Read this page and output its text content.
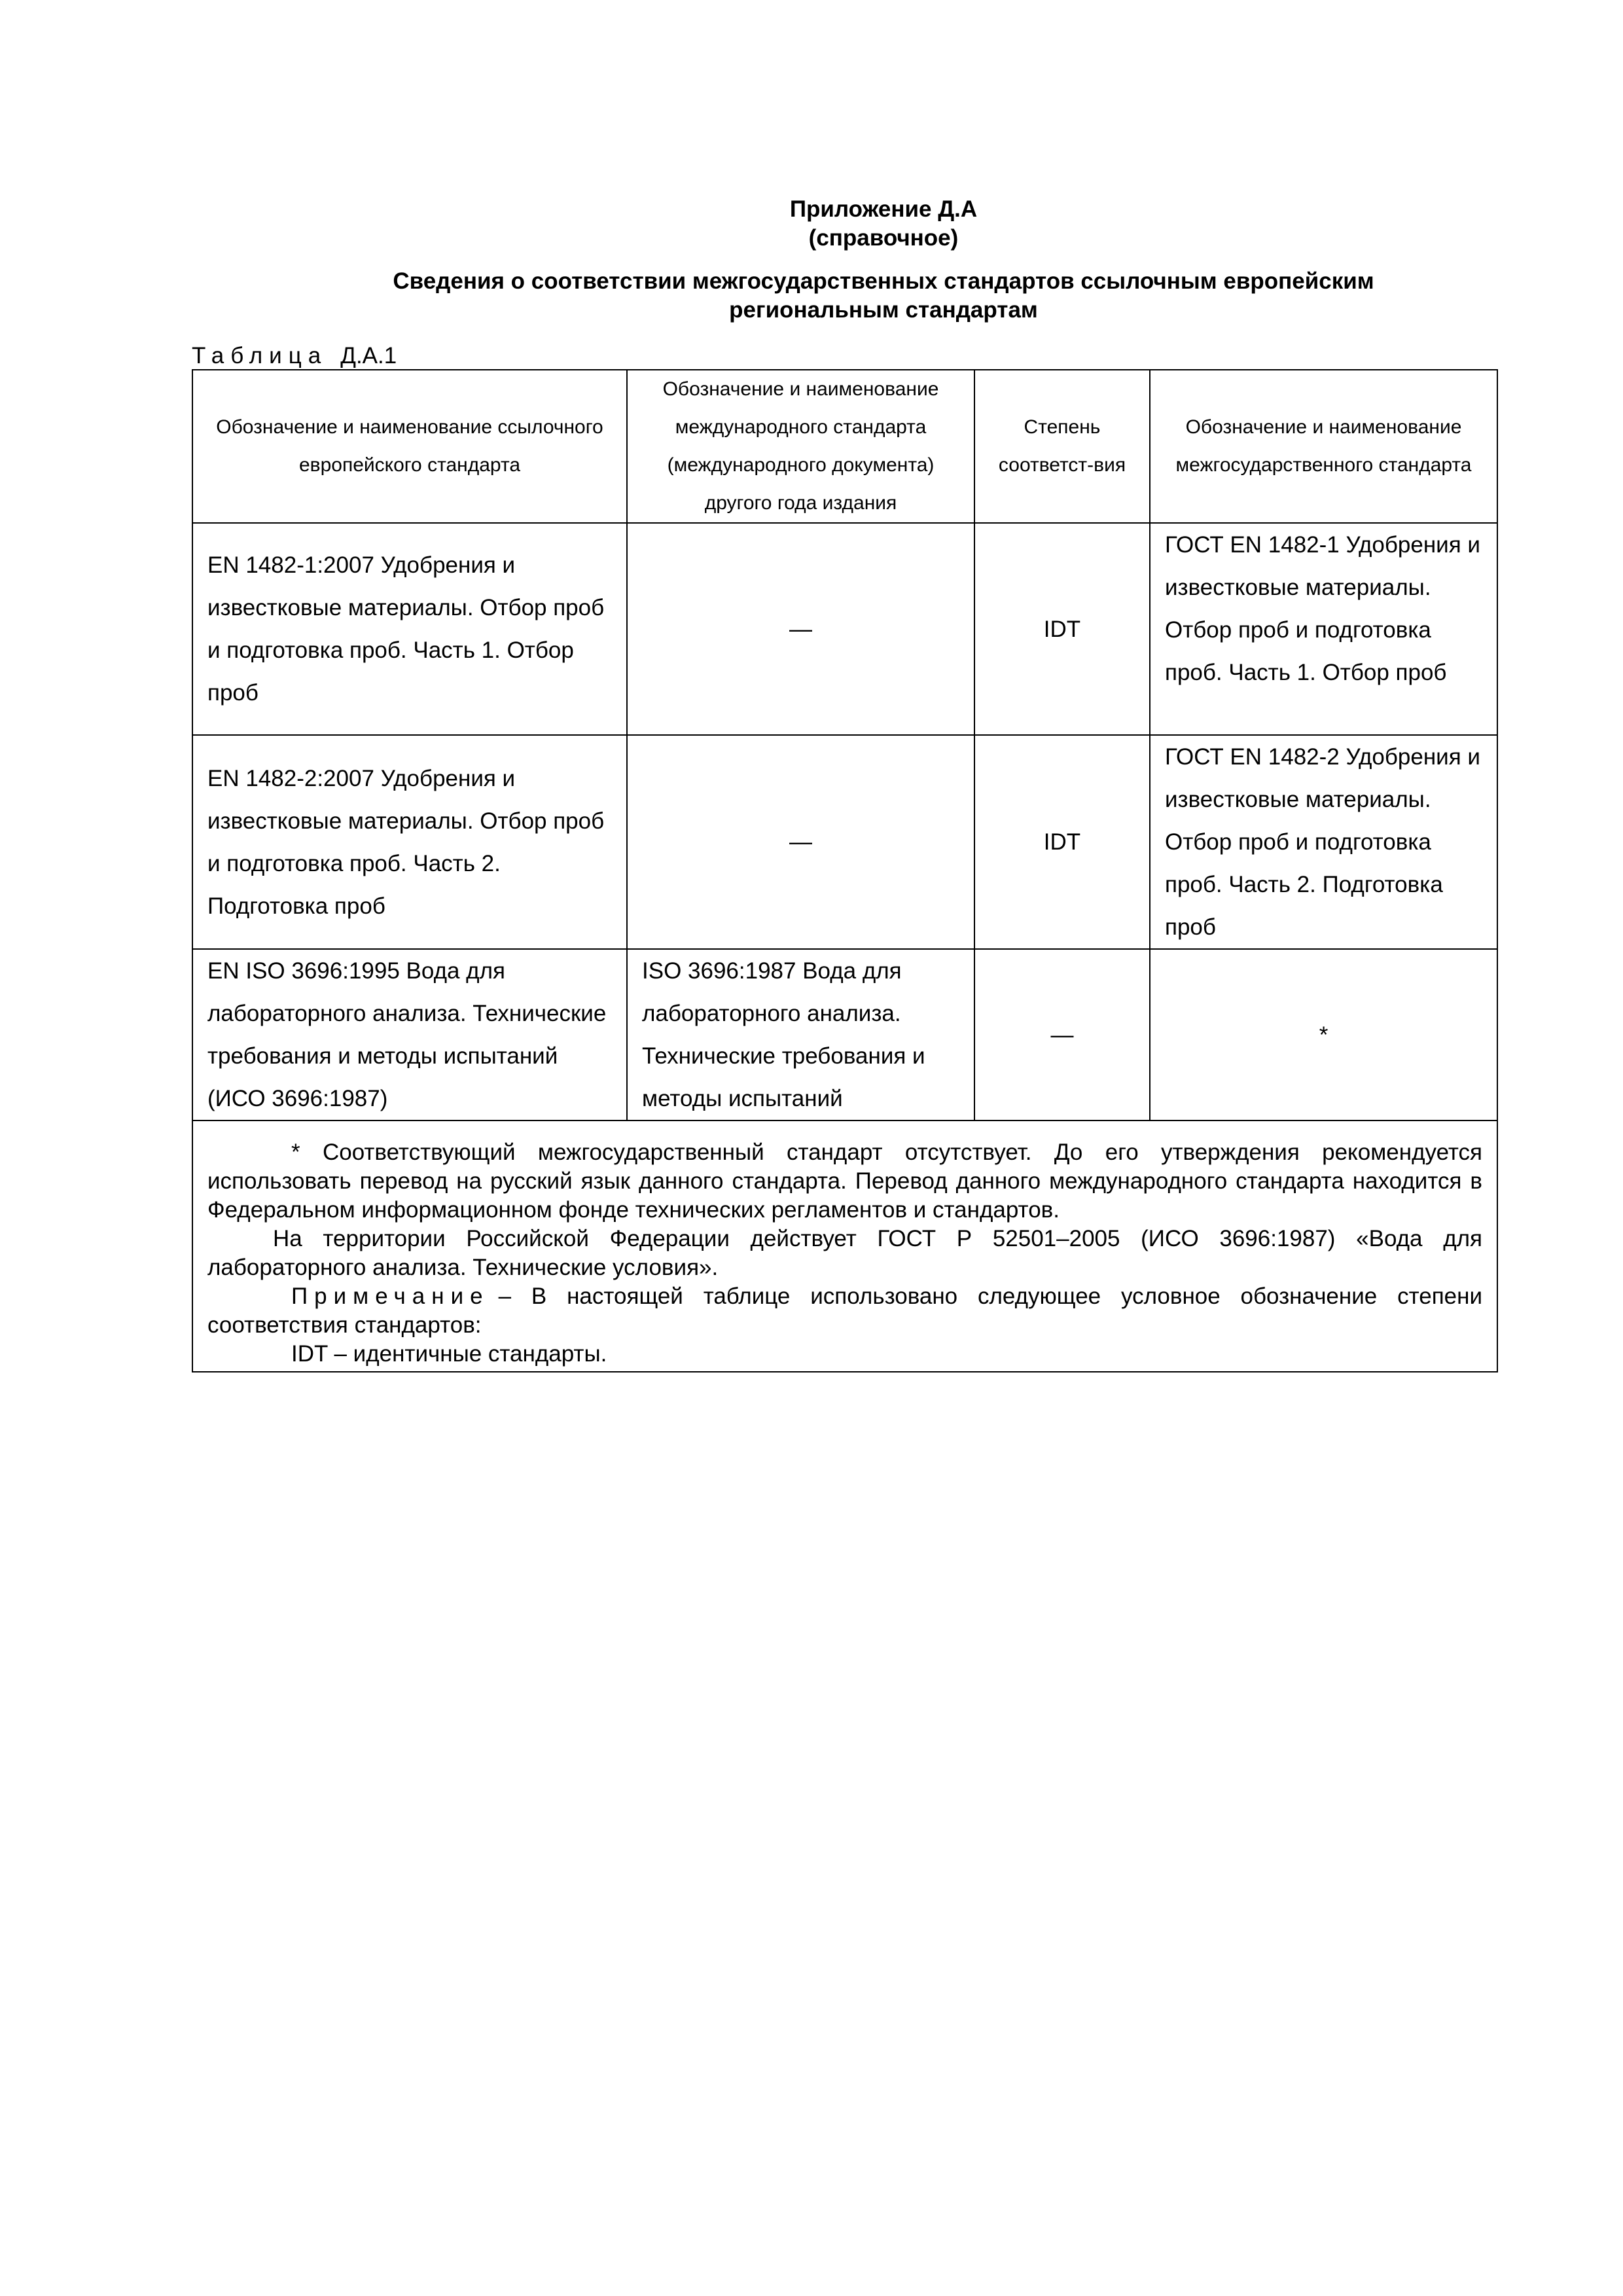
Приложение Д.А
(справочное)
Сведения о соответствии межгосударственных стандартов ссылочным европейским региональным стандартам
Таблица Д.А.1
Обозначение и наименование ссылочного европейского стандарта	Обозначение и наименование международного стандарта (международного документа) другого года издания	Степень соответст-вия	Обозначение и наименование межгосударственного стандарта
EN 1482-1:2007 Удобрения и известковые материалы. Отбор проб и подготовка проб. Часть 1. Отбор проб	—	IDT	ГОСТ EN 1482-1 Удобрения и известковые материалы. Отбор проб и подготовка проб. Часть 1. Отбор проб
EN 1482-2:2007 Удобрения и известковые материалы. Отбор проб и подготовка проб. Часть 2. Подготовка проб	—	IDT	ГОСТ EN 1482-2 Удобрения и известковые материалы. Отбор проб и подготовка проб. Часть 2. Подготовка проб
EN ISO 3696:1995 Вода для лабораторного анализа. Технические требования и методы испытаний (ИСО 3696:1987)	ISO 3696:1987 Вода для лабораторного анализа. Технические требования и методы испытаний	—	*

* Соответствующий межгосударственный стандарт отсутствует. До его утверждения рекомендуется использовать перевод на русский язык данного стандарта. Перевод данного международного стандарта находится в Федеральном информационном фонде технических регламентов и стандартов.

На территории Российской Федерации действует ГОСТ Р 52501–2005 (ИСО 3696:1987) «Вода для лабораторного анализа. Технические условия».

Примечание – В настоящей таблице использовано следующее условное обозначение степени соответствия стандартов:

IDT – идентичные стандарты.			
